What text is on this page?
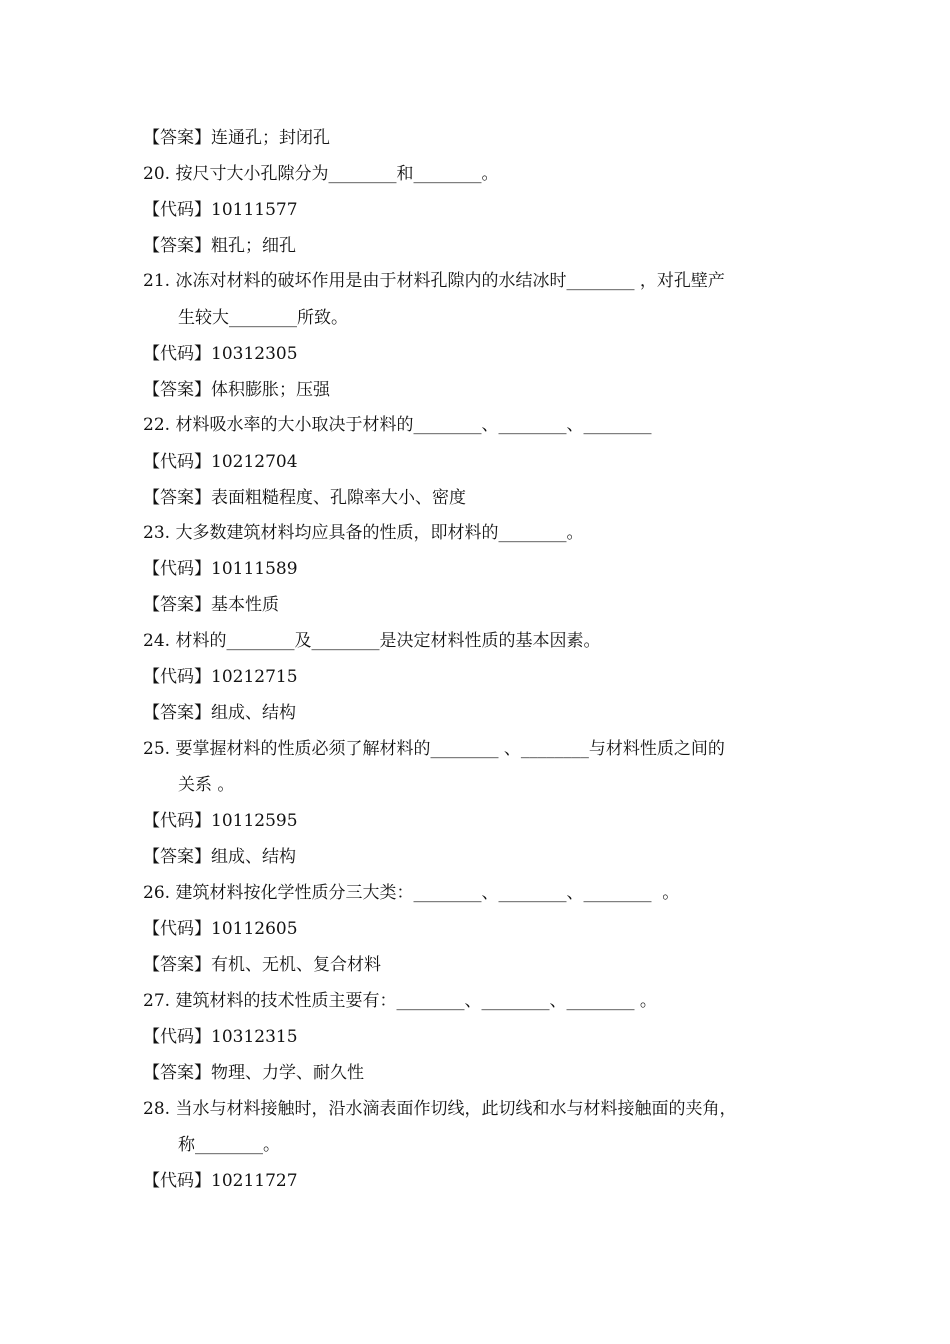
【答案】连通孔；封闭孔
20. 按尺寸大小孔隙分为________和________。
【代码】10111577
【答案】粗孔；细孔
21. 冰冻对材料的破坏作用是由于材料孔隙内的水结冰时________ ，对孔壁产
生较大________所致。
【代码】10312305
【答案】体积膨胀；压强
22. 材料吸水率的大小取决于材料的________、________、________
【代码】10212704
【答案】表面粗糙程度、孔隙率大小、密度
23. 大多数建筑材料均应具备的性质，即材料的________。
【代码】10111589
【答案】基本性质
24. 材料的________及________是决定材料性质的基本因素。
【代码】10212715
【答案】组成、结构
25. 要掌握材料的性质必须了解材料的________ 、________与材料性质之间的
关系 。
【代码】10112595
【答案】组成、结构
26. 建筑材料按化学性质分三大类：________、________、________  。
【代码】10112605
【答案】有机、无机、复合材料
27. 建筑材料的技术性质主要有：________、________、________ 。
【代码】10312315
【答案】物理、力学、耐久性
28. 当水与材料接触时，沿水滴表面作切线，此切线和水与材料接触面的夹角，
称________。
【代码】10211727
